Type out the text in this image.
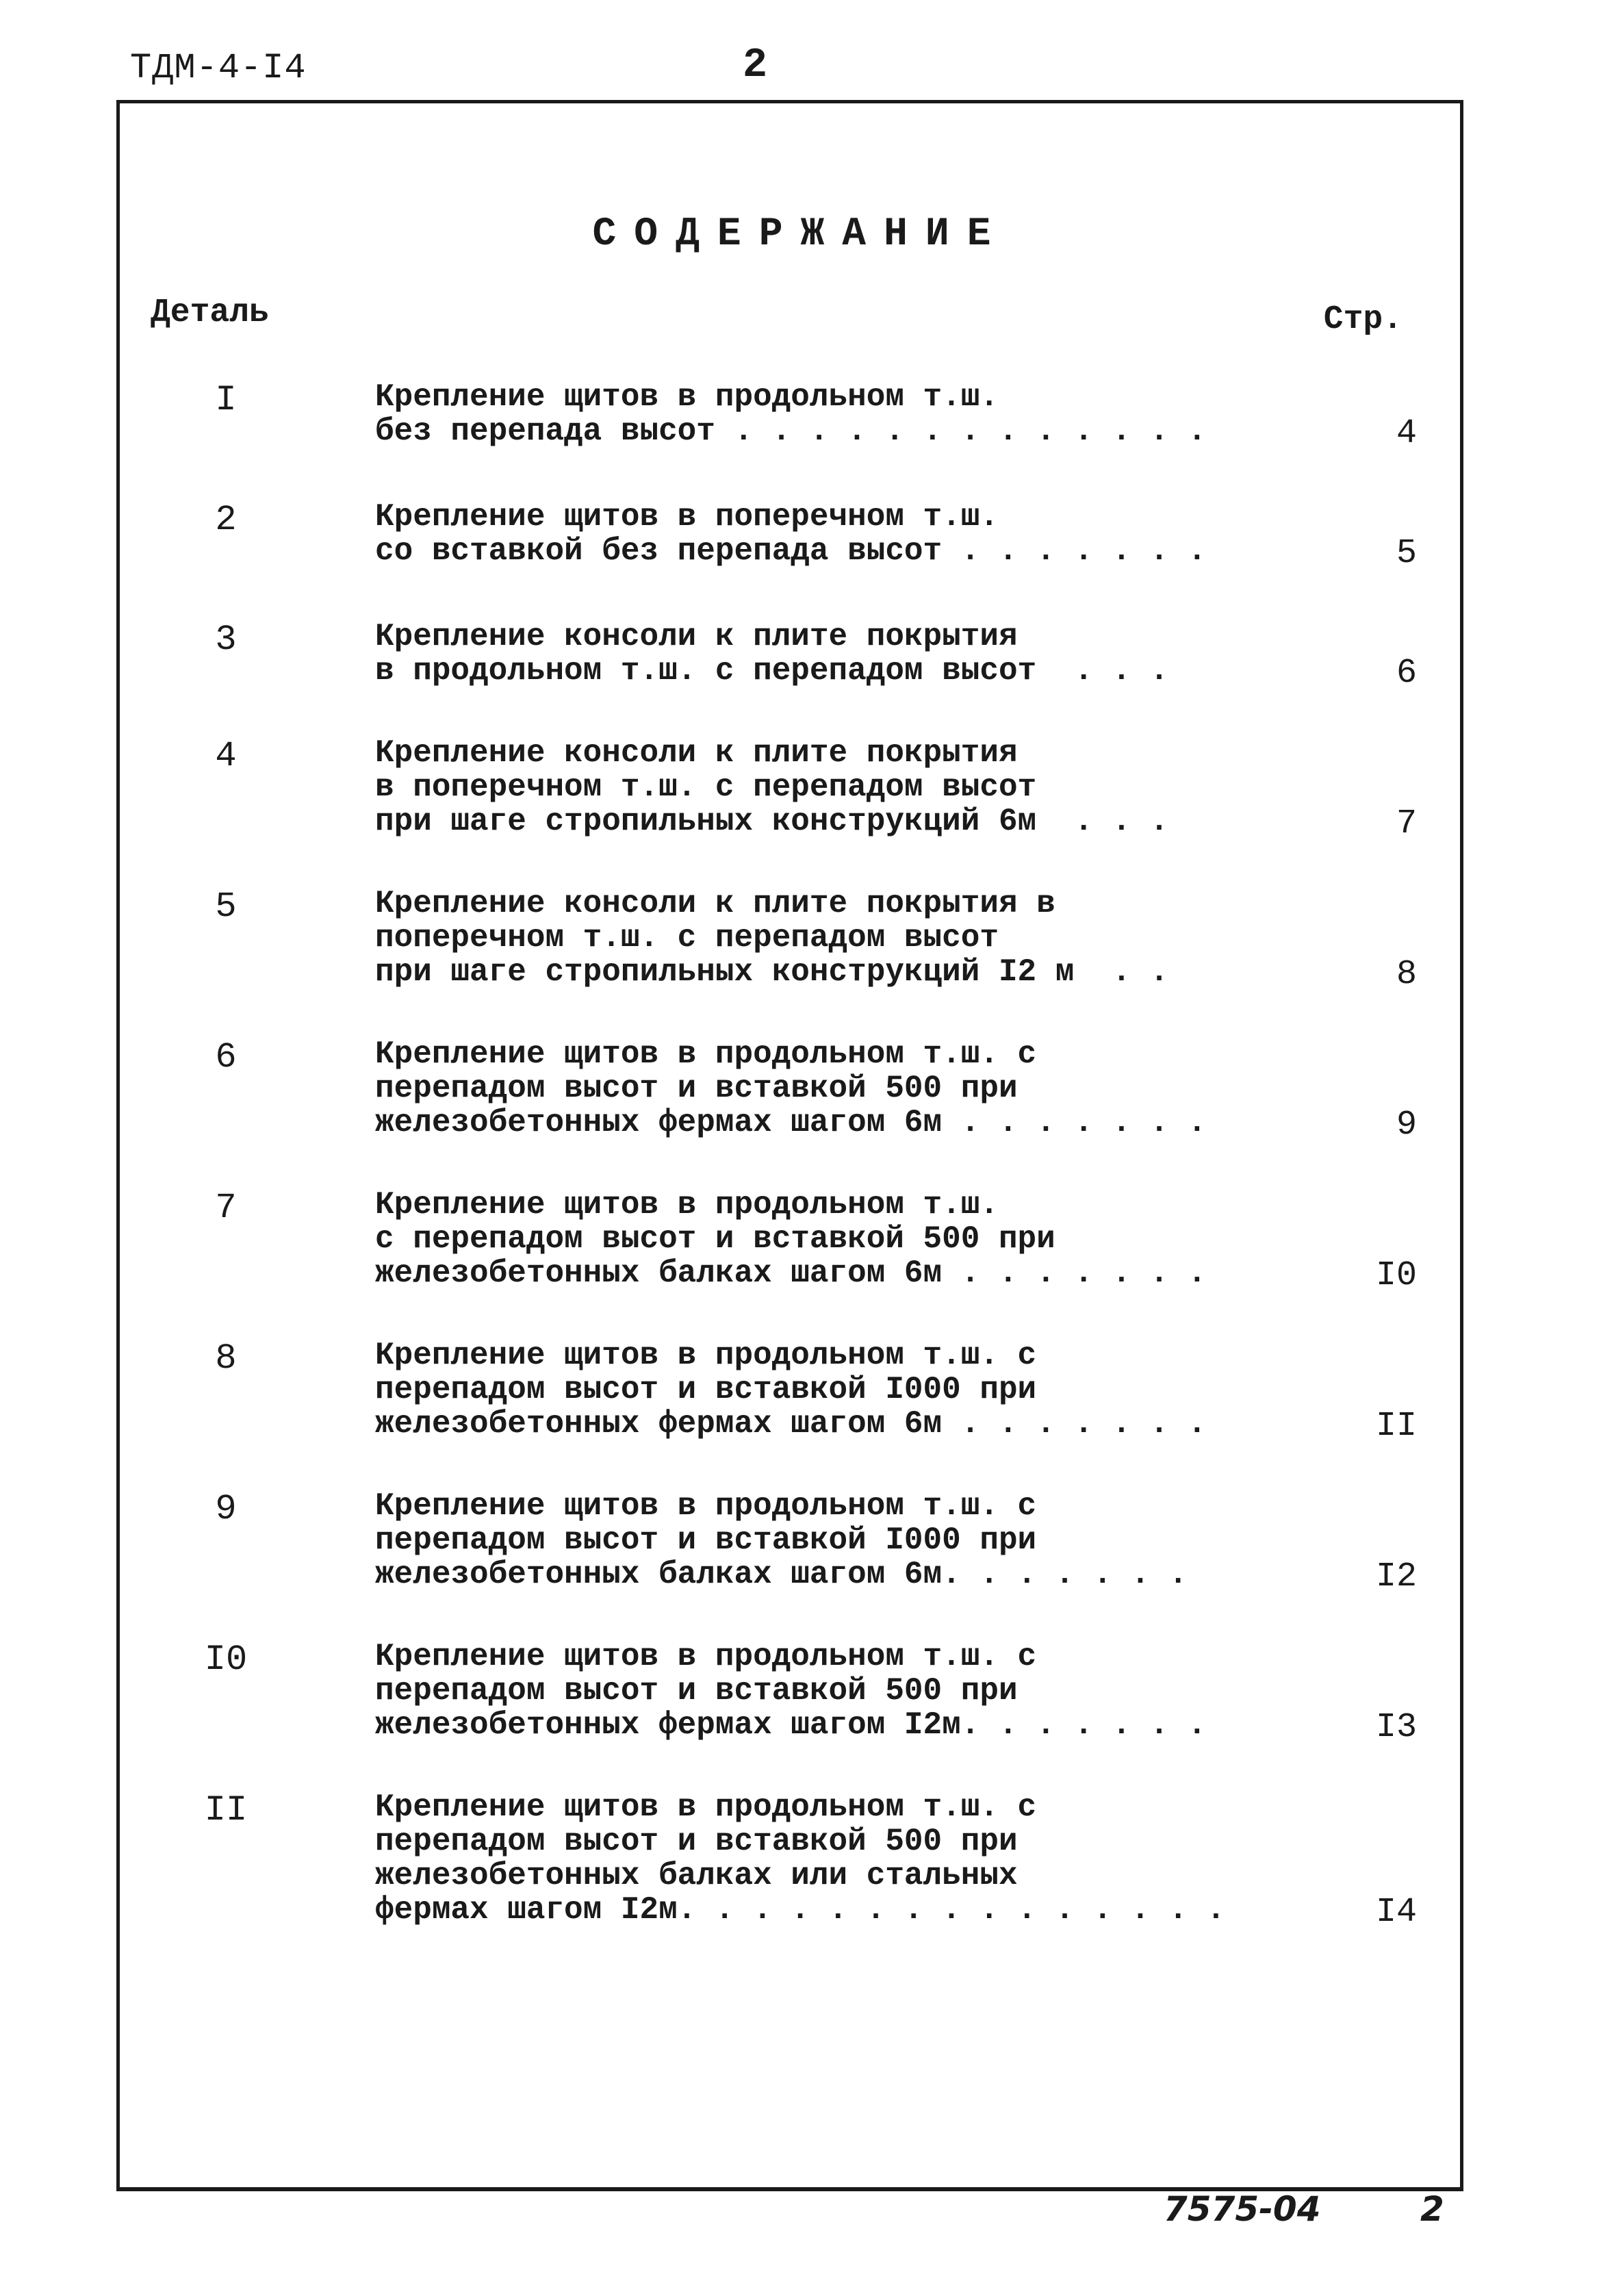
ТДМ-4-I4	2
СОДЕРЖАНИЕ
Деталь	Стр.
I	Крепление щитов в продольном т.ш.
без перепада высот . . . . . . . . . . . . .	4
2	Крепление щитов в поперечном т.ш.
со вставкой без перепада высот . . . . . . .	5
3	Крепление консоли к плите покрытия
в продольном т.ш. с перепадом высот  . . .	6
4	Крепление консоли к плите покрытия
в поперечном т.ш. с перепадом высот
при шаге стропильных конструкций 6м  . . .	7
5	Крепление консоли к плите покрытия в
поперечном т.ш. с перепадом высот
при шаге стропильных конструкций I2 м  . .	8
6	Крепление щитов в продольном т.ш. с
перепадом высот и вставкой 500 при
железобетонных фермах шагом 6м . . . . . . .	9
7	Крепление щитов в продольном т.ш.
с перепадом высот и вставкой 500 при
железобетонных балках шагом 6м . . . . . . .	I0
8	Крепление щитов в продольном т.ш. с
перепадом высот и вставкой I000 при
железобетонных фермах шагом 6м . . . . . . .	II
9	Крепление щитов в продольном т.ш. с
перепадом высот и вставкой I000 при
железобетонных балках шагом 6м. . . . . . .	I2
I0	Крепление щитов в продольном т.ш. с
перепадом высот и вставкой 500 при
железобетонных фермах шагом I2м. . . . . . .	I3
II	Крепление щитов в продольном т.ш. с
перепадом высот и вставкой 500 при
железобетонных балках или стальных
фермах шагом I2м. . . . . . . . . . . . . . .	I4
7575-04	2
